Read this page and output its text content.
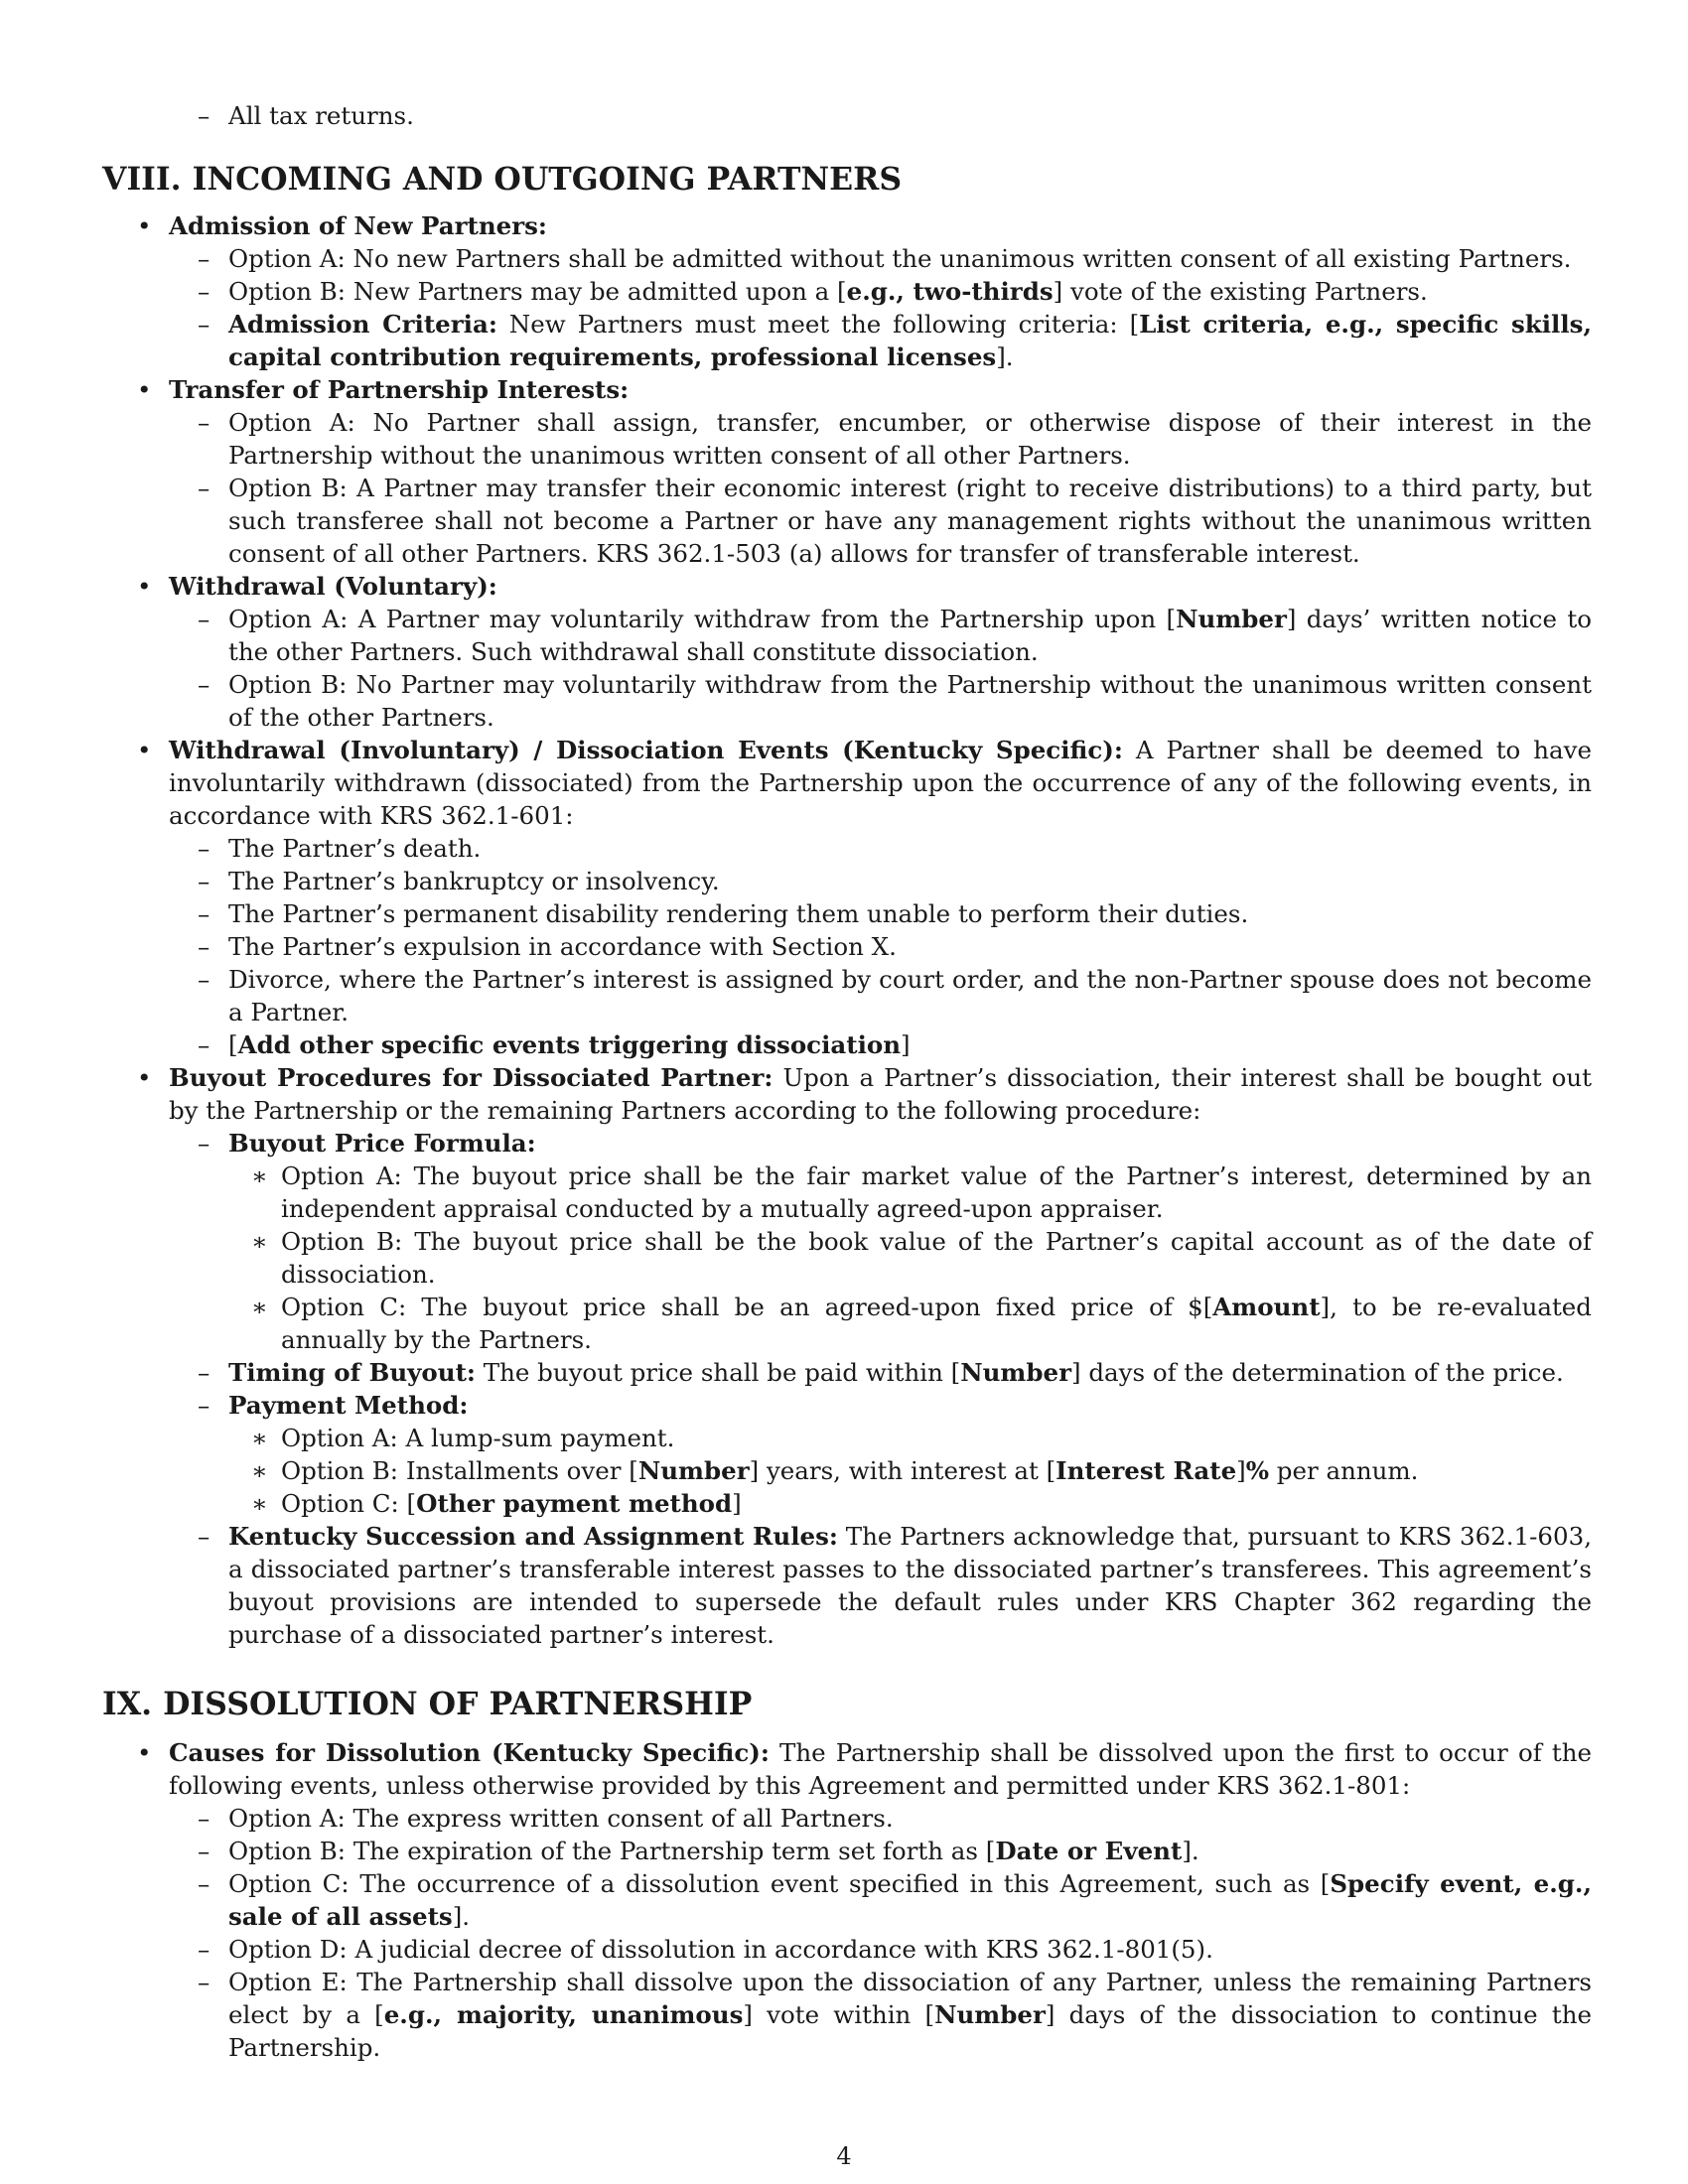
– All tax returns.
VIII. INCOMING AND OUTGOING PARTNERS
• Admission of New Partners:
– Option A: No new Partners shall be admitted without the unanimous written consent of all existing Partners.
– Option B: New Partners may be admitted upon a [e.g., two-thirds] vote of the existing Partners.
– Admission Criteria: New Partners must meet the following criteria: [List criteria, e.g., specific skills, capital contribution requirements, professional licenses].
• Transfer of Partnership Interests:
– Option A: No Partner shall assign, transfer, encumber, or otherwise dispose of their interest in the Partnership without the unanimous written consent of all other Partners.
– Option B: A Partner may transfer their economic interest (right to receive distributions) to a third party, but such transferee shall not become a Partner or have any management rights without the unanimous written consent of all other Partners. KRS 362.1-503 (a) allows for transfer of transferable interest.
• Withdrawal (Voluntary):
– Option A: A Partner may voluntarily withdraw from the Partnership upon [Number] days’ written notice to the other Partners. Such withdrawal shall constitute dissociation.
– Option B: No Partner may voluntarily withdraw from the Partnership without the unanimous written consent of the other Partners.
• Withdrawal (Involuntary) / Dissociation Events (Kentucky Specific): A Partner shall be deemed to have involuntarily withdrawn (dissociated) from the Partnership upon the occurrence of any of the following events, in accordance with KRS 362.1-601:
– The Partner’s death.
– The Partner’s bankruptcy or insolvency.
– The Partner’s permanent disability rendering them unable to perform their duties.
– The Partner’s expulsion in accordance with Section X.
– Divorce, where the Partner’s interest is assigned by court order, and the non-Partner spouse does not become a Partner.
– [Add other specific events triggering dissociation]
• Buyout Procedures for Dissociated Partner: Upon a Partner’s dissociation, their interest shall be bought out by the Partnership or the remaining Partners according to the following procedure:
– Buyout Price Formula:
∗ Option A: The buyout price shall be the fair market value of the Partner’s interest, determined by an independent appraisal conducted by a mutually agreed-upon appraiser.
∗ Option B: The buyout price shall be the book value of the Partner’s capital account as of the date of dissociation.
∗ Option C: The buyout price shall be an agreed-upon fixed price of $[Amount], to be re-evaluated annually by the Partners.
– Timing of Buyout: The buyout price shall be paid within [Number] days of the determination of the price.
– Payment Method:
∗ Option A: A lump-sum payment.
∗ Option B: Installments over [Number] years, with interest at [Interest Rate]% per annum.
∗ Option C: [Other payment method]
– Kentucky Succession and Assignment Rules: The Partners acknowledge that, pursuant to KRS 362.1-603, a dissociated partner’s transferable interest passes to the dissociated partner’s transferees. This agreement’s buyout provisions are intended to supersede the default rules under KRS Chapter 362 regarding the purchase of a dissociated partner’s interest.
IX. DISSOLUTION OF PARTNERSHIP
• Causes for Dissolution (Kentucky Specific): The Partnership shall be dissolved upon the first to occur of the following events, unless otherwise provided by this Agreement and permitted under KRS 362.1-801:
– Option A: The express written consent of all Partners.
– Option B: The expiration of the Partnership term set forth as [Date or Event].
– Option C: The occurrence of a dissolution event specified in this Agreement, such as [Specify event, e.g., sale of all assets].
– Option D: A judicial decree of dissolution in accordance with KRS 362.1-801(5).
– Option E: The Partnership shall dissolve upon the dissociation of any Partner, unless the remaining Partners elect by a [e.g., majority, unanimous] vote within [Number] days of the dissociation to continue the Partnership.
4
